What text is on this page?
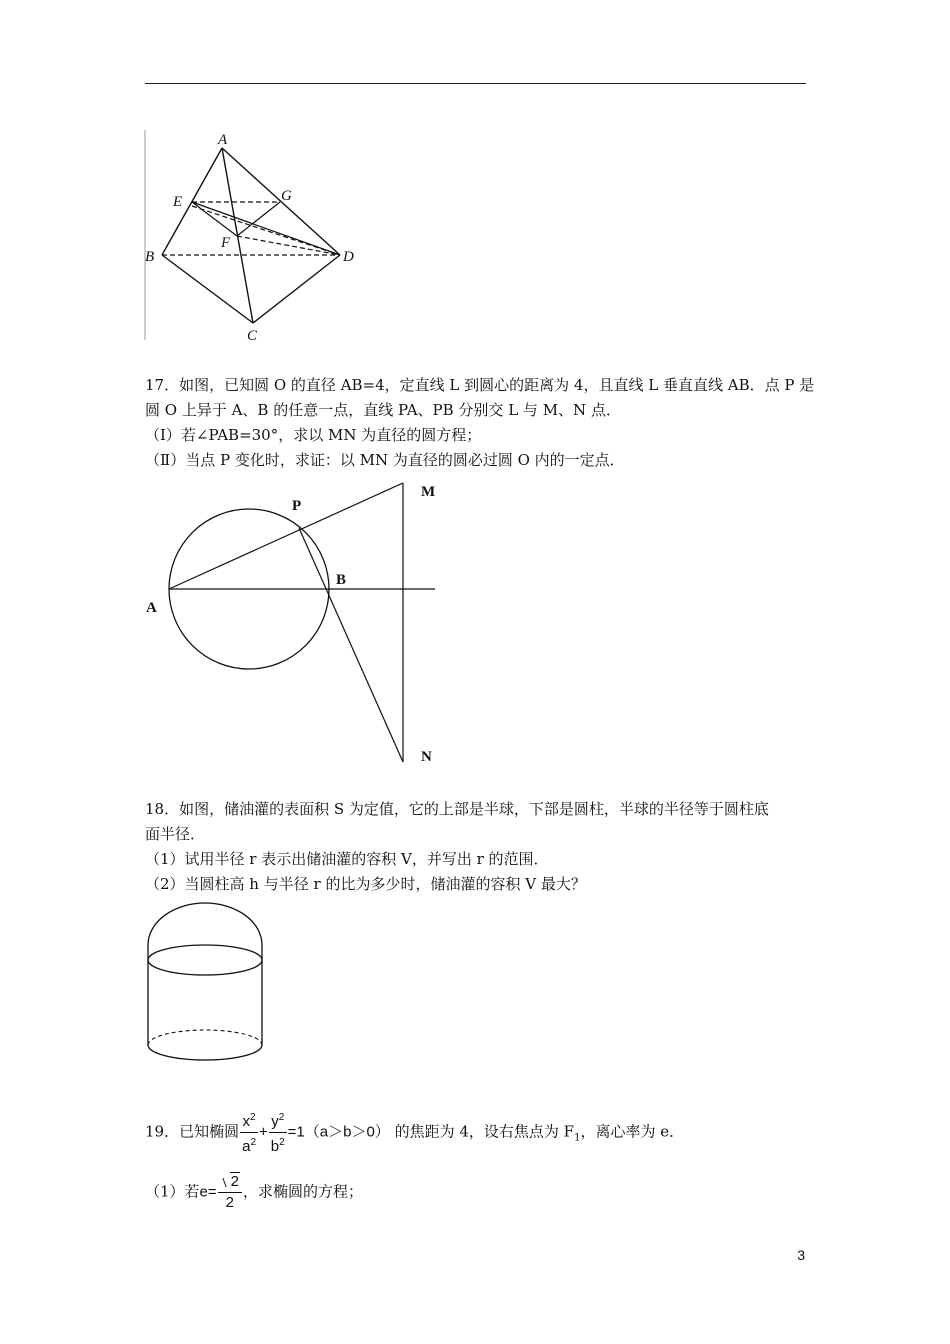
A
E	G
F
B	D
C
17．如图，已知圆 O 的直径 AB=4，定直线 L 到圆心的距离为 4，且直线 L 垂直直线 AB．点 P 是
圆 O 上异于 A、B 的任意一点，直线 PA、PB 分别交 L 与 M、N 点．
（Ⅰ）若∠PAB=30°，求以 MN 为直径的圆方程；
（Ⅱ）当点 P 变化时，求证：以 MN 为直径的圆必过圆 O 内的一定点．
P
M
B
A
N
18．如图，储油灌的表面积 S 为定值，它的上部是半球，下部是圆柱，半球的半径等于圆柱底
面半径．
（1）试用半径 r 表示出储油灌的容积 V，并写出 r 的范围．
（2）当圆柱高 h 与半径 r 的比为多少时，储油灌的容积 V 最大？
19．已知椭圆 $\frac{x^2}{a^2} + \frac{y^2}{b^2} =1(a>b>0)$ 的焦距为 4，设右焦点为 $F_1$，离心率为 e．
（1）若$e= \frac{2}{2}$ ，求椭圆的方程；
3
